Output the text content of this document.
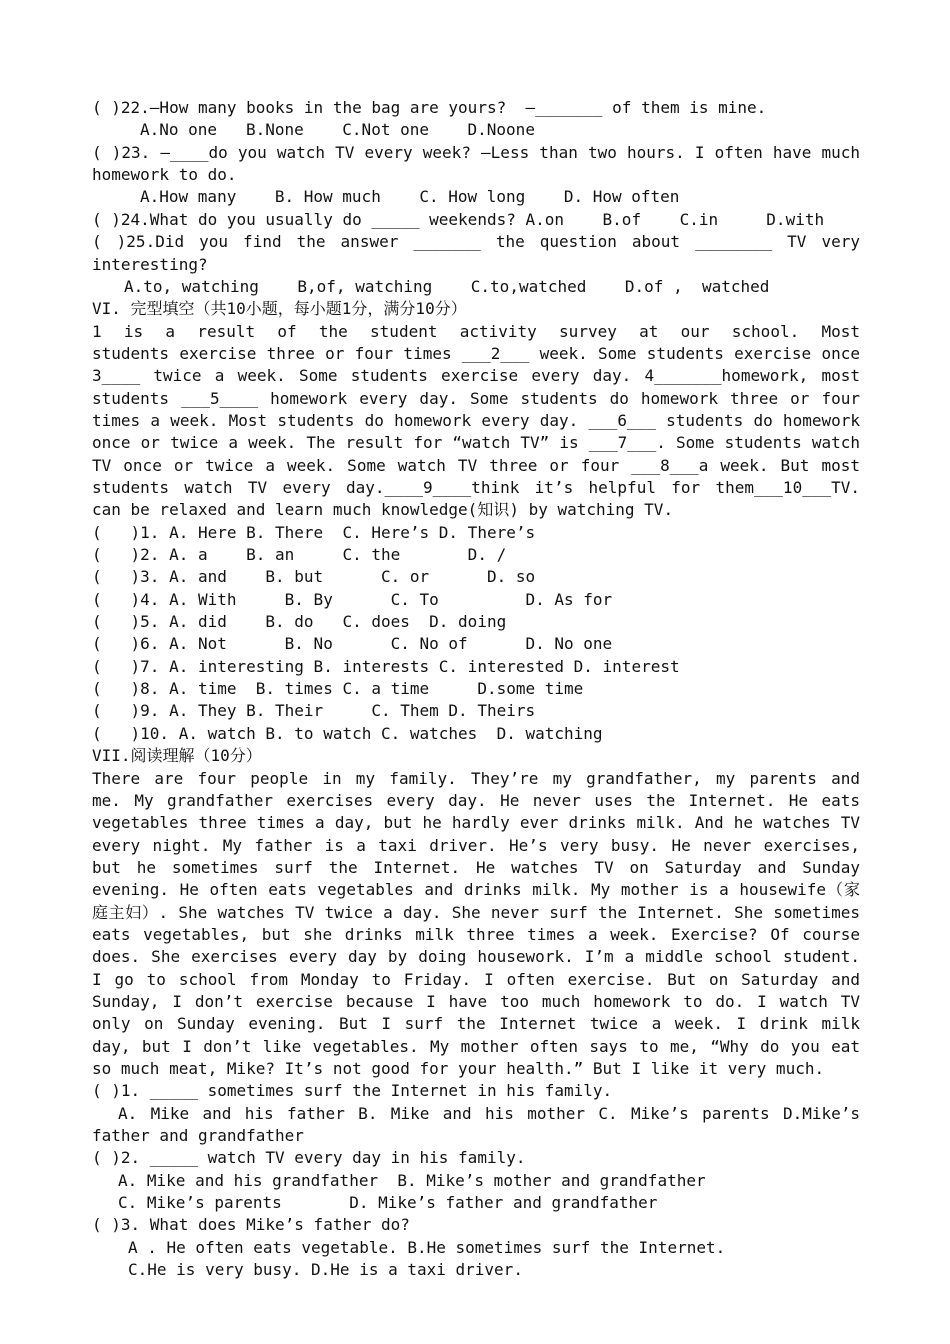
( )22.—How many books in the bag are yours?  —_______ of them is mine.
A.No one   B.None    C.Not one    D.Noone
( )23. —____do you watch TV every week? —Less than two hours. I often have much
homework to do.
A.How many    B. How much    C. How long    D. How often
( )24.What do you usually do _____ weekends? A.on    B.of    C.in     D.with
( )25.Did you find the answer _______ the question about ________ TV very
interesting?
A.to, watching    B,of, watching    C.to,watched    D.of ,  watched
VI. 完型填空（共10小题，每小题1分，满分10分）
1 is a result of the student activity survey at our school. Most
students exercise three or four times ___2___ week. Some students exercise once
3____ twice a week. Some students exercise every day. 4_______homework, most
students ___5____ homework every day. Some students do homework three or four
times a week. Most students do homework every day. ___6___ students do homework
once or twice a week. The result for “watch TV” is ___7___. Some students watch
TV once or twice a week. Some watch TV three or four ___8___a week. But most
students watch TV every day.____9____think it’s helpful for them___10___TV.
can be relaxed and learn much knowledge(知识) by watching TV.
(   )1. A. Here B. There  C. Here’s D. There’s
(   )2. A. a    B. an     C. the       D. /
(   )3. A. and    B. but      C. or      D. so
(   )4. A. With     B. By      C. To         D. As for
(   )5. A. did    B. do   C. does  D. doing
(   )6. A. Not      B. No      C. No of      D. No one
(   )7. A. interesting B. interests C. interested D. interest
(   )8. A. time  B. times C. a time     D.some time
(   )9. A. They B. Their     C. Them D. Theirs
(   )10. A. watch B. to watch C. watches  D. watching
VII.阅读理解（10分）
There are four people in my family. They’re my grandfather, my parents and
me. My grandfather exercises every day. He never uses the Internet. He eats
vegetables three times a day, but he hardly ever drinks milk. And he watches TV
every night. My father is a taxi driver. He’s very busy. He never exercises,
but he sometimes surf the Internet. He watches TV on Saturday and Sunday
evening. He often eats vegetables and drinks milk. My mother is a housewife（家
庭主妇）. She watches TV twice a day. She never surf the Internet. She sometimes
eats vegetables, but she drinks milk three times a week. Exercise? Of course
does. She exercises every day by doing housework. I’m a middle school student.
I go to school from Monday to Friday. I often exercise. But on Saturday and
Sunday, I don’t exercise because I have too much homework to do. I watch TV
only on Sunday evening. But I surf the Internet twice a week. I drink milk
day, but I don’t like vegetables. My mother often says to me, “Why do you eat
so much meat, Mike? It’s not good for your health.” But I like it very much.
( )1. _____ sometimes surf the Internet in his family.
A. Mike and his father B. Mike and his mother C. Mike’s parents D.Mike’s
father and grandfather
( )2. _____ watch TV every day in his family.
A. Mike and his grandfather  B. Mike’s mother and grandfather
C. Mike’s parents       D. Mike’s father and grandfather
( )3. What does Mike’s father do?
A . He often eats vegetable. B.He sometimes surf the Internet.
C.He is very busy. D.He is a taxi driver.
